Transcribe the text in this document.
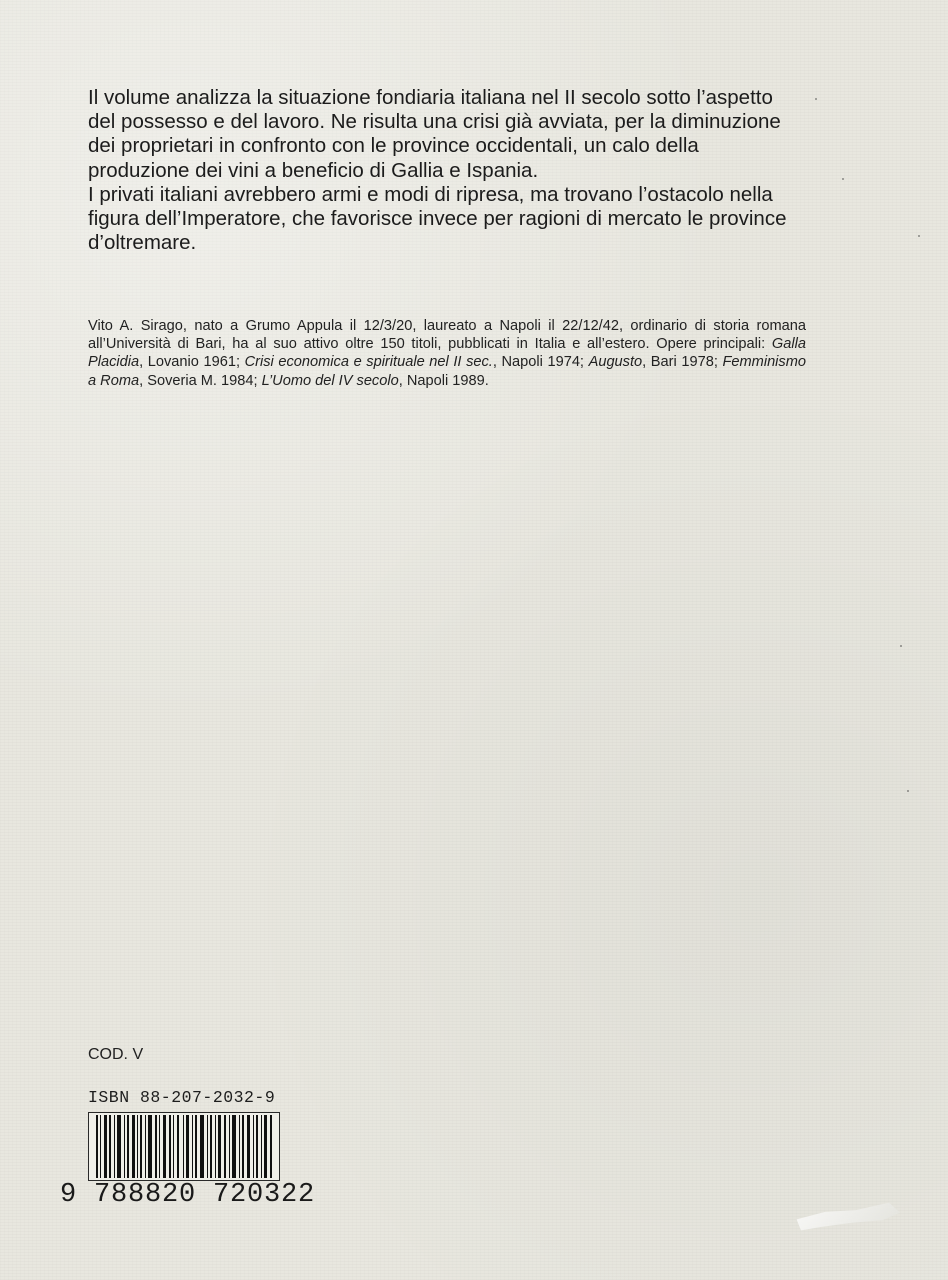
Il volume analizza la situazione fondiaria italiana nel II secolo sotto l’aspetto del possesso e del lavoro. Ne risulta una crisi già avviata, per la diminuzione dei proprietari in confronto con le province occidentali, un calo della produzione dei vini a beneficio di Gallia e Ispania.

I privati italiani avrebbero armi e modi di ripresa, ma trovano l’ostacolo nella figura dell’Imperatore, che favorisce invece per ragioni di mercato le province d’oltremare.

Vito A. Sirago, nato a Grumo Appula il 12/3/20, laureato a Napoli il 22/12/42, ordinario di storia romana all’Università di Bari, ha al suo attivo oltre 150 titoli, pubblicati in Italia e all’estero. Opere principali: Galla Placidia, Lovanio 1961; Crisi economica e spirituale nel II sec., Napoli 1974; Augusto, Bari 1978; Femminismo a Roma, Soveria M. 1984; L’Uomo del IV secolo, Napoli 1989.
COD. V
ISBN 88-207-2032-9
9 788820 720322
